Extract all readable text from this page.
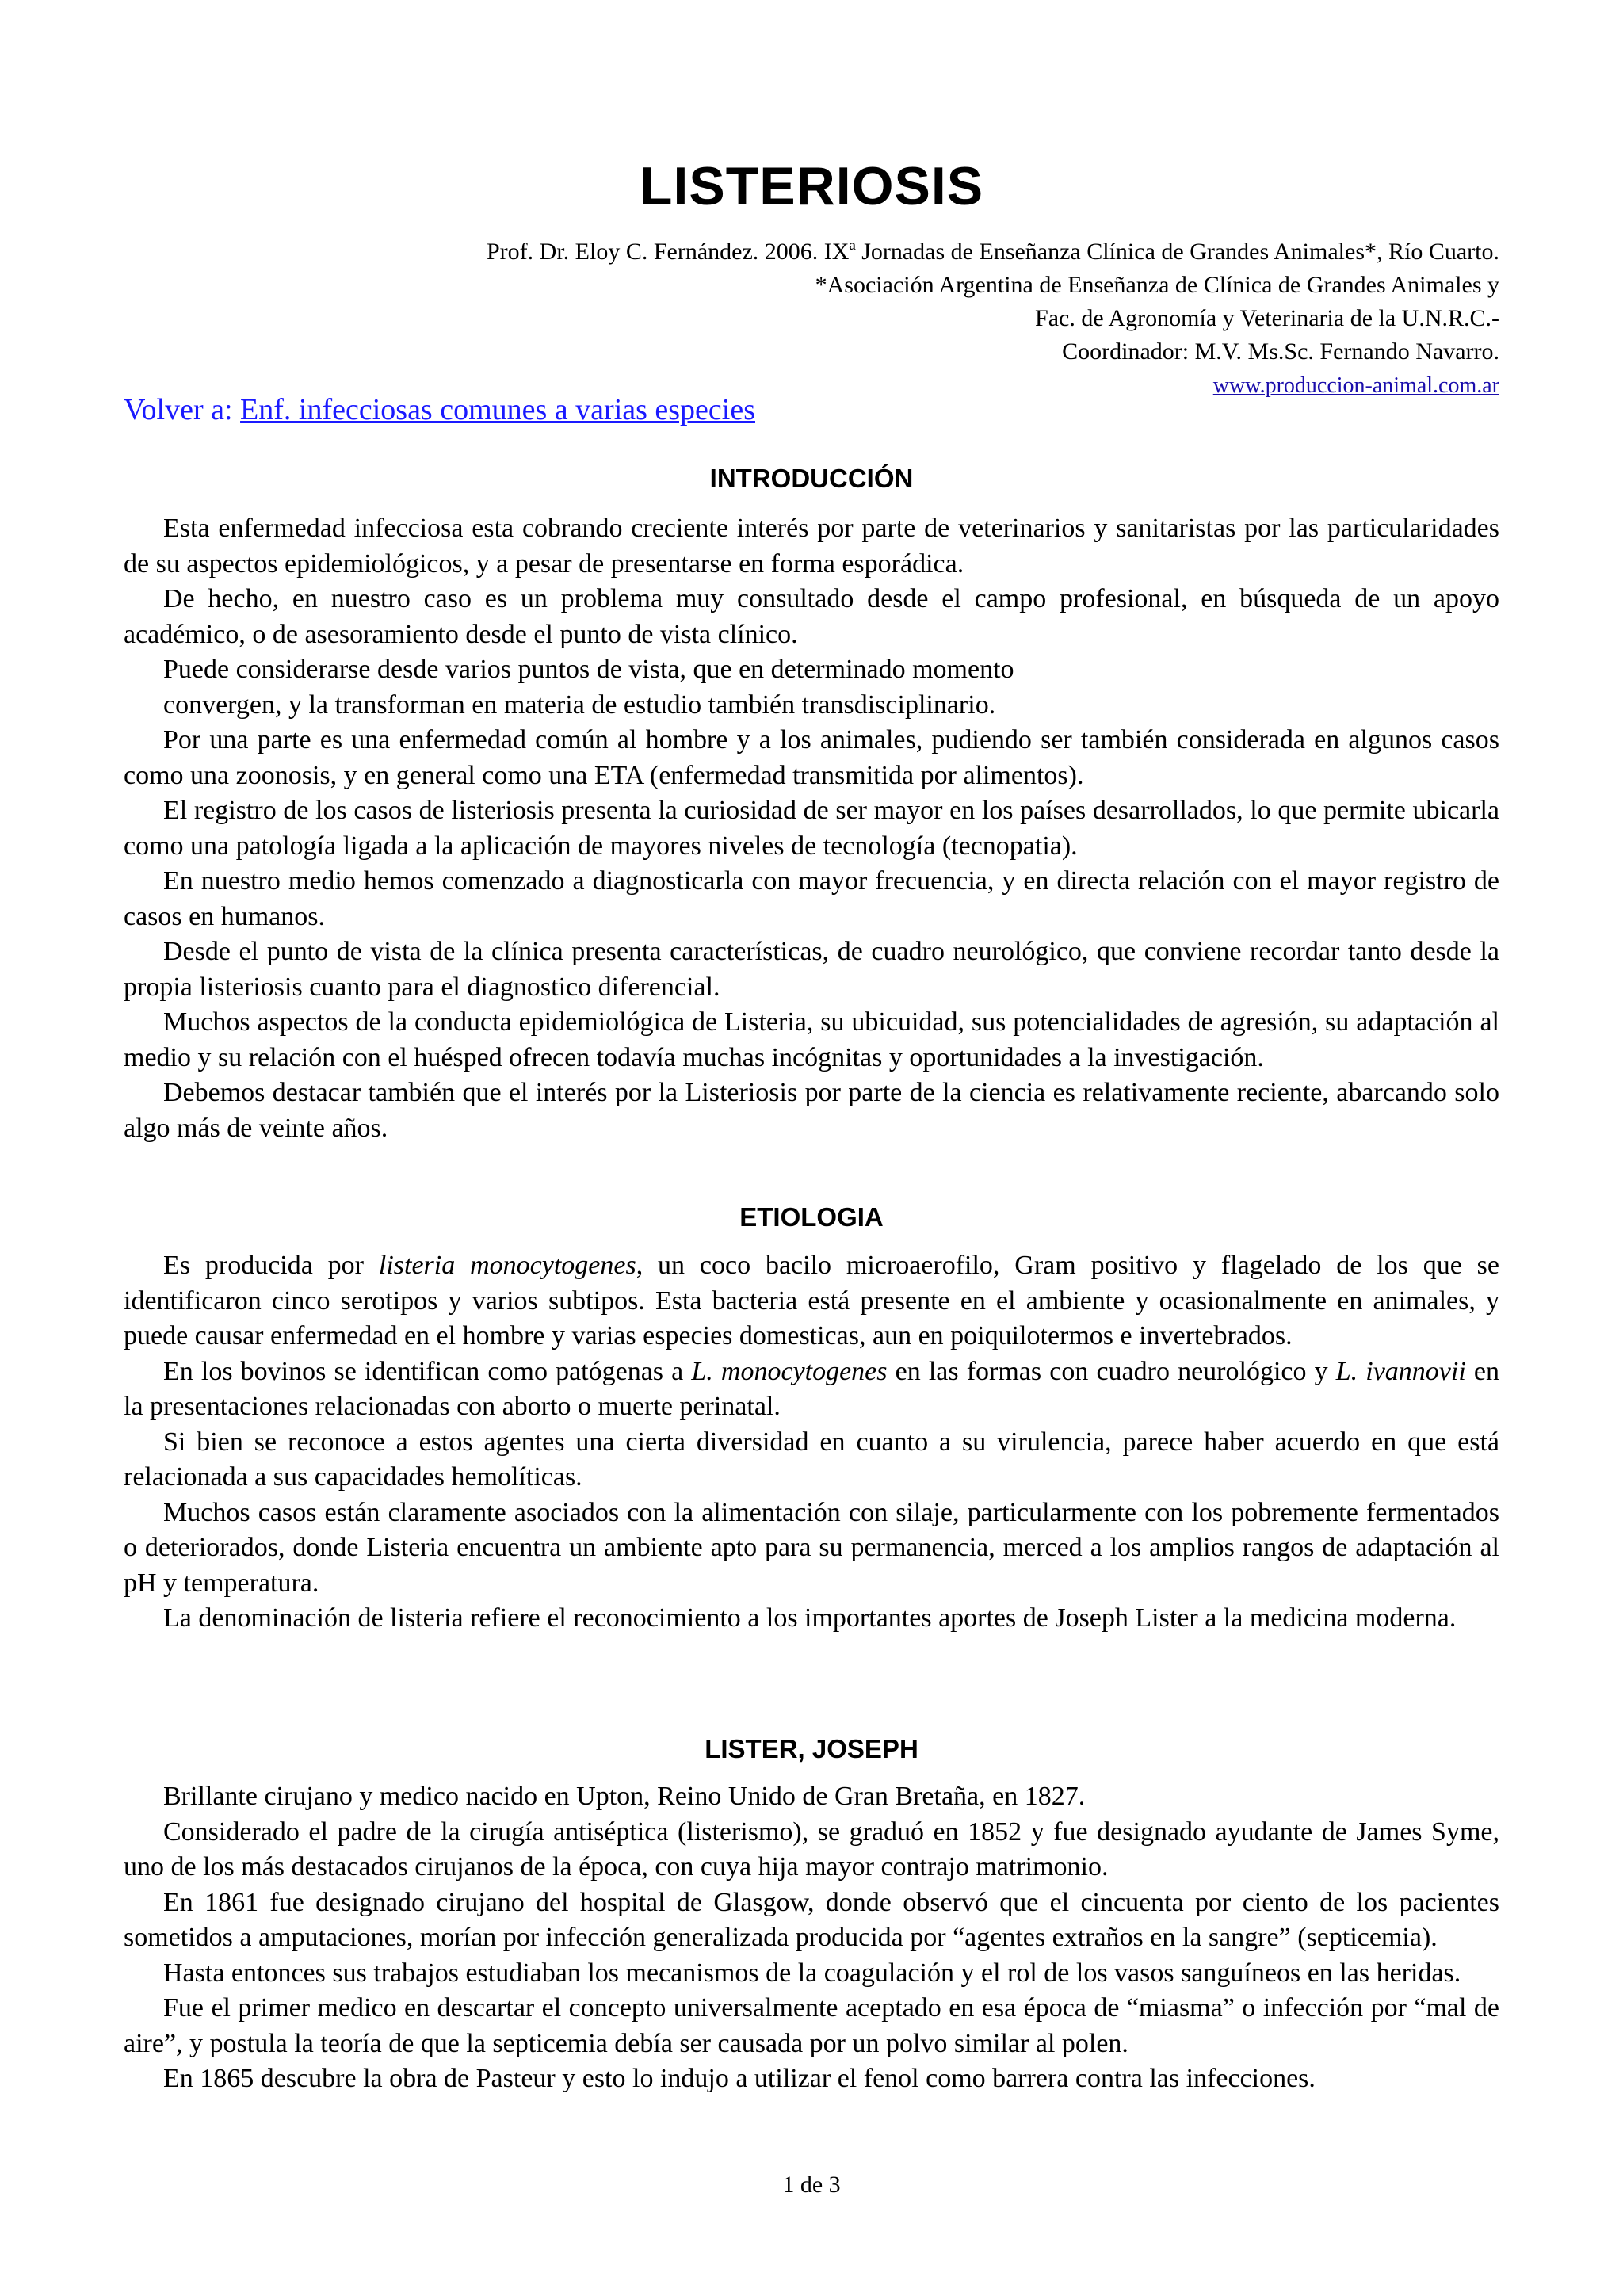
LISTERIOSIS
Prof. Dr. Eloy C. Fernández. 2006. IXª Jornadas de Enseñanza Clínica de Grandes Animales*, Río Cuarto.
*Asociación Argentina de Enseñanza de Clínica de Grandes Animales y
Fac. de Agronomía y Veterinaria de la U.N.R.C.-
Coordinador: M.V. Ms.Sc. Fernando Navarro.
www.produccion-animal.com.ar
Volver a: Enf. infecciosas comunes a varias especies
INTRODUCCIÓN

Esta enfermedad infecciosa esta cobrando creciente interés por parte de veterinarios y sanitaristas por las particularidades de su aspectos epidemiológicos, y a pesar de presentarse en forma esporádica.

De hecho, en nuestro caso es un problema muy consultado desde el campo profesional, en búsqueda de un apoyo académico, o de asesoramiento desde el punto de vista clínico.

Puede considerarse desde varios puntos de vista, que en determinado momento

convergen, y la transforman en materia de estudio también transdisciplinario.

Por una parte es una enfermedad común al hombre y a los animales, pudiendo ser también considerada en algunos casos como una zoonosis, y en general como una ETA (enfermedad transmitida por alimentos).

El registro de los casos de listeriosis presenta la curiosidad de ser mayor en los países desarrollados, lo que permite ubicarla como una patología ligada a la aplicación de mayores niveles de tecnología (tecnopatia).

En nuestro medio hemos comenzado a diagnosticarla con mayor frecuencia, y en directa relación con el mayor registro de casos en humanos.

Desde el punto de vista de la clínica presenta características, de cuadro neurológico, que conviene recordar tanto desde la propia listeriosis cuanto para el diagnostico diferencial.

Muchos aspectos de la conducta epidemiológica de Listeria, su ubicuidad, sus potencialidades de agresión, su adaptación al medio y su relación con el huésped ofrecen todavía muchas incógnitas y oportunidades a la investigación.

Debemos destacar también que el interés por la Listeriosis por parte de la ciencia es relativamente reciente, abarcando solo algo más de veinte años.

ETIOLOGIA

Es producida por listeria monocytogenes, un coco bacilo microaerofilo, Gram positivo y flagelado de los que se identificaron cinco serotipos y varios subtipos. Esta bacteria está presente en el ambiente y ocasionalmente en animales, y puede causar enfermedad en el hombre y varias especies domesticas, aun en poiquilotermos e invertebrados.

En los bovinos se identifican como patógenas a L. monocytogenes en las formas con cuadro neurológico y L. ivannovii en la presentaciones relacionadas con aborto o muerte perinatal.

Si bien se reconoce a estos agentes una cierta diversidad en cuanto a su virulencia, parece haber acuerdo en que está relacionada a sus capacidades hemolíticas.

Muchos casos están claramente asociados con la alimentación con silaje, particularmente con los pobremente fermentados o deteriorados, donde Listeria encuentra un ambiente apto para su permanencia, merced a los amplios rangos de adaptación al pH y temperatura.

La denominación de listeria refiere el reconocimiento a los importantes aportes de Joseph Lister a la medicina moderna.

LISTER, JOSEPH

Brillante cirujano y medico nacido en Upton, Reino Unido de Gran Bretaña, en 1827.

Considerado el padre de la cirugía antiséptica (listerismo), se graduó en 1852 y fue designado ayudante de James Syme, uno de los más destacados cirujanos de la época, con cuya hija mayor contrajo matrimonio.

En 1861 fue designado cirujano del hospital de Glasgow, donde observó que el cincuenta por ciento de los pacientes sometidos a amputaciones, morían por infección generalizada producida por “agentes extraños en la sangre” (septicemia).

Hasta entonces sus trabajos estudiaban los mecanismos de la coagulación y el rol de los vasos sanguíneos en las heridas.

Fue el primer medico en descartar el concepto universalmente aceptado en esa época de “miasma” o infección por “mal de aire”, y postula la teoría de que la septicemia debía ser causada por un polvo similar al polen.

En 1865 descubre la obra de Pasteur y esto lo indujo a utilizar el fenol como barrera contra las infecciones.

1 de 3
